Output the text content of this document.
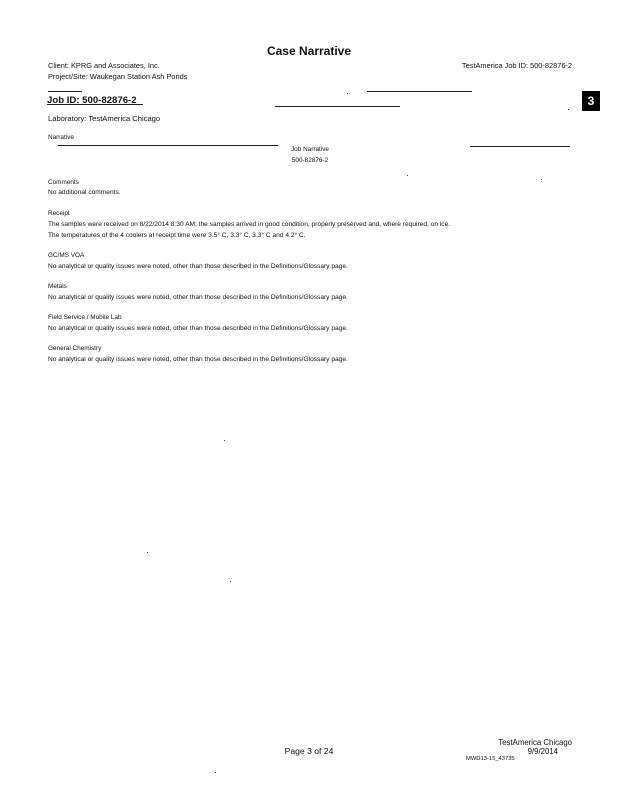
Case Narrative
Client: KPRG and Associates, Inc.
Project/Site: Waukegan Station Ash Ponds
TestAmerica Job ID: 500-82876-2
Job ID: 500-82876-2
Laboratory: TestAmerica Chicago
3
Narrative
Job Narrative
500-82876-2
Comments
No additional comments.
Receipt
The samples were received on 8/22/2014 8:30 AM; the samples arrived in good condition, properly preserved and, where required, on ice.
The temperatures of the 4 coolers at receipt time were 3.5° C, 3.3° C, 3.3° C and 4.2° C.
GC/MS VOA
No analytical or quality issues were noted, other than those described in the Definitions/Glossary page.
Metals
No analytical or quality issues were noted, other than those described in the Definitions/Glossary page.
Field Service / Mobile Lab
No analytical or quality issues were noted, other than those described in the Definitions/Glossary page.
General Chemistry
No analytical or quality issues were noted, other than those described in the Definitions/Glossary page.
Page 3 of 24
TestAmerica Chicago
9/9/2014
MWD13-15_43735
